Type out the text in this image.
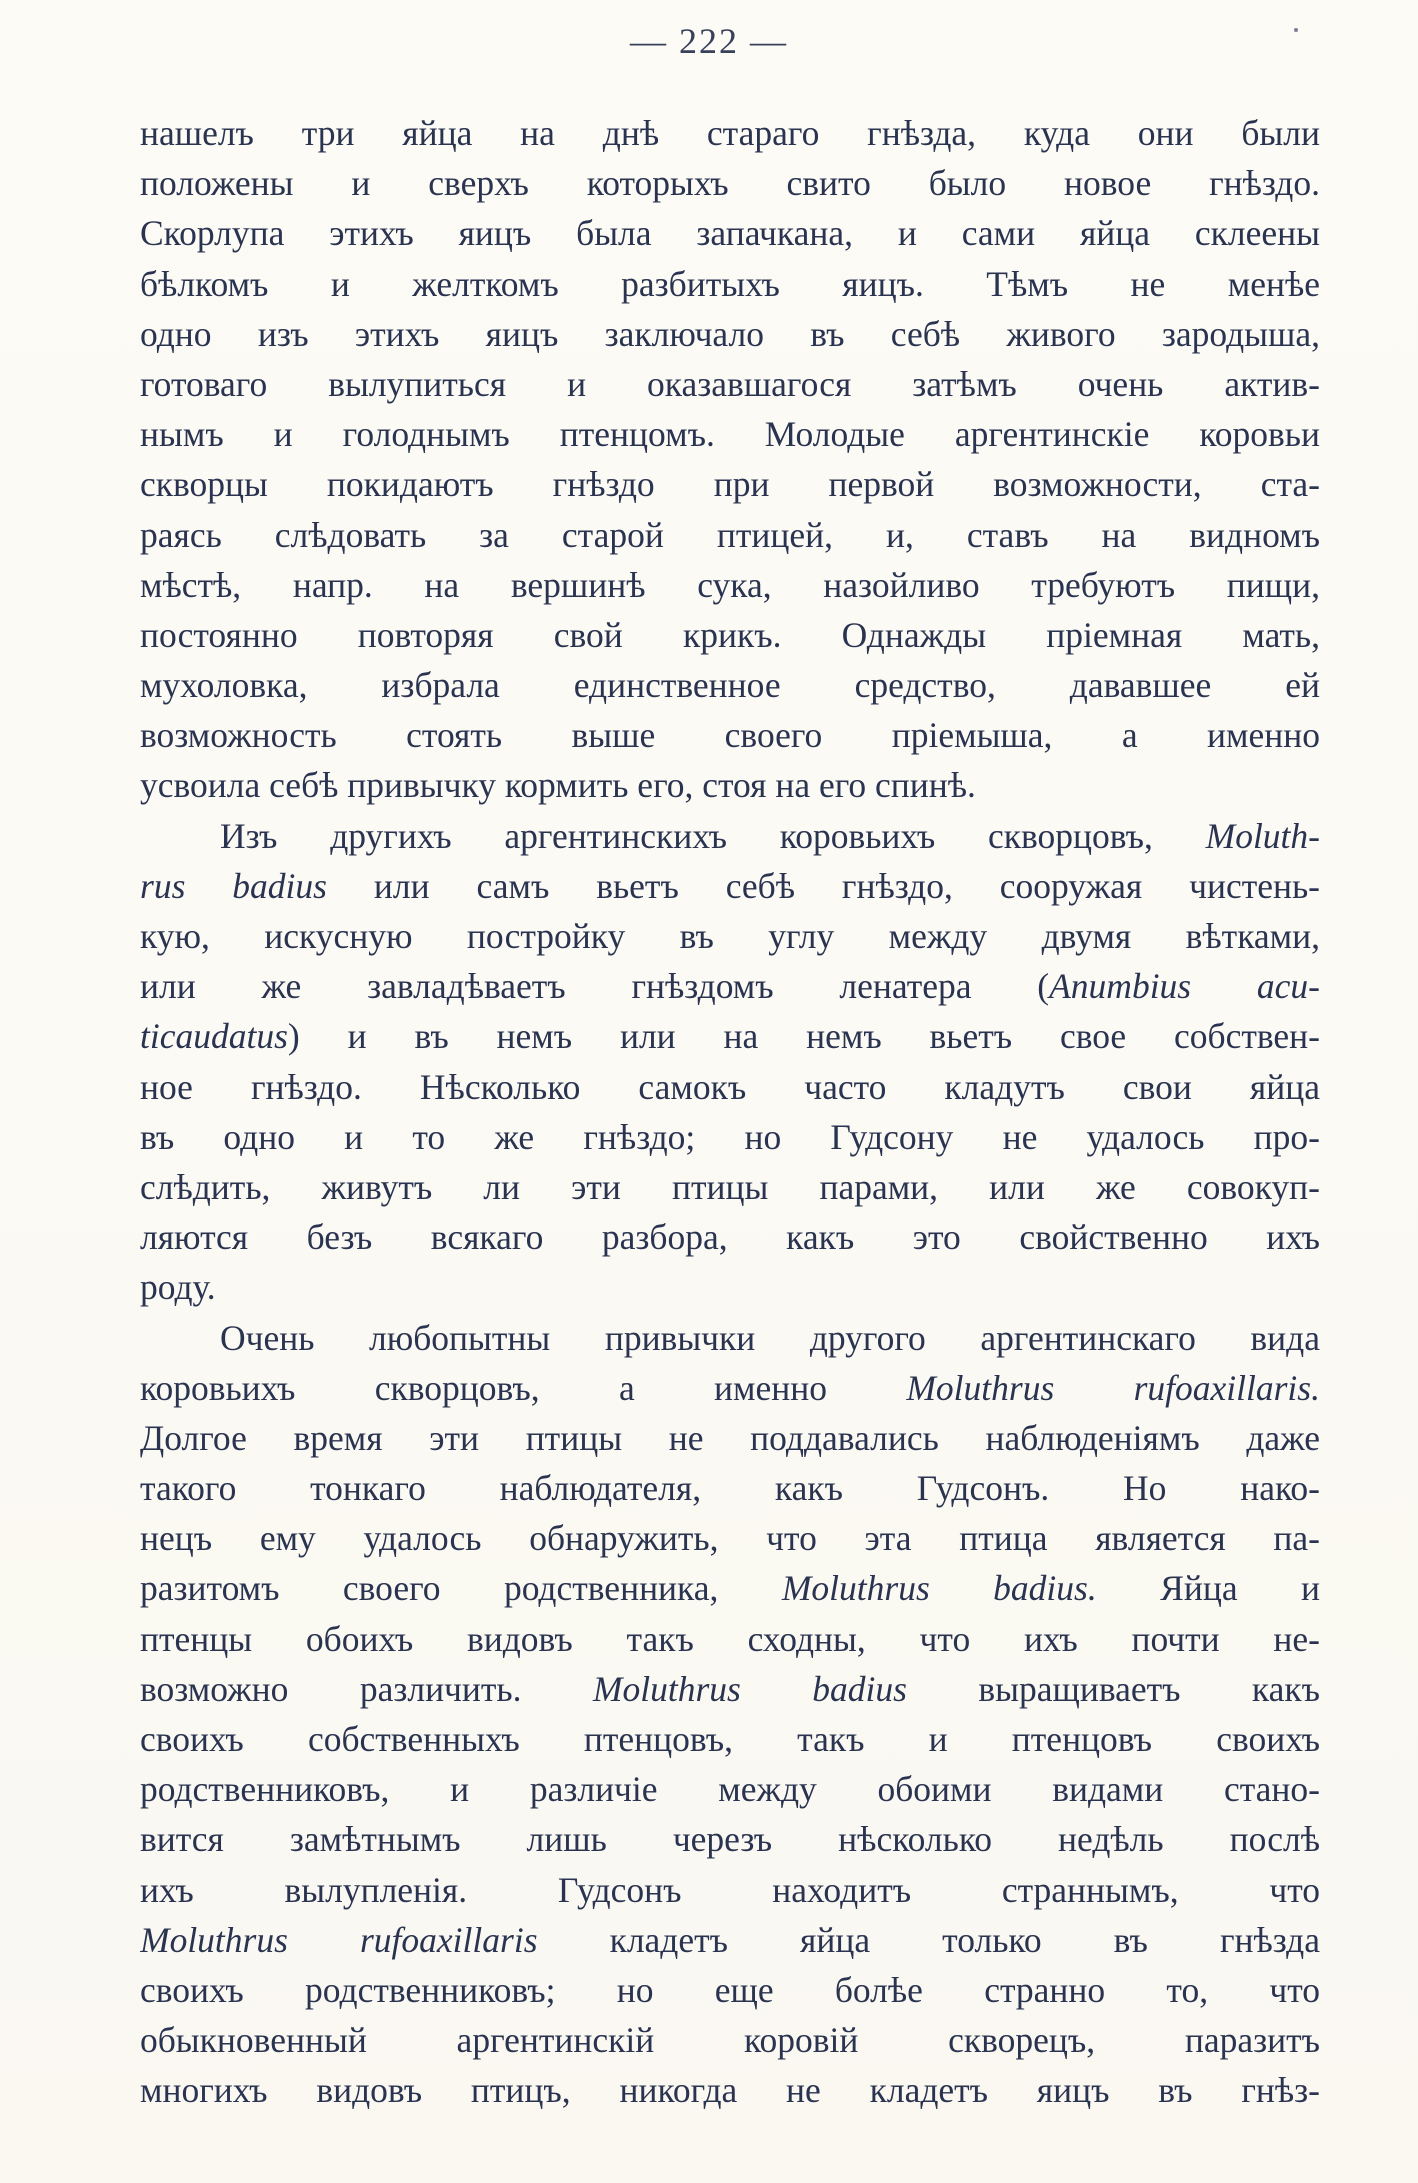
— 222 —
нашелъ три яйца на днѣ стараго гнѣзда, куда они были
положены и сверхъ которыхъ свито было новое гнѣздо.
Скорлупа этихъ яицъ была запачкана, и сами яйца склеены
бѣлкомъ и желткомъ разбитыхъ яицъ. Тѣмъ не менѣе
одно изъ этихъ яицъ заключало въ себѣ живого зародыша,
готоваго вылупиться и оказавшагося затѣмъ очень актив-
нымъ и голоднымъ птенцомъ. Молодые аргентинскіе коровьи
скворцы покидаютъ гнѣздо при первой возможности, ста-
раясь слѣдовать за старой птицей, и, ставъ на видномъ
мѣстѣ, напр. на вершинѣ сука, назойливо требуютъ пищи,
постоянно повторяя свой крикъ. Однажды пріемная мать,
мухоловка, избрала единственное средство, дававшее ей
возможность стоять выше своего пріемыша, а именно
усвоила себѣ привычку кормить его, стоя на его спинѣ.
Изъ другихъ аргентинскихъ коровьихъ скворцовъ, Moluth-
rus badius или самъ вьетъ себѣ гнѣздо, сооружая чистень-
кую, искусную постройку въ углу между двумя вѣтками,
или же завладѣваетъ гнѣздомъ ленатера (Anumbius acu-
ticaudatus) и въ немъ или на немъ вьетъ свое собствен-
ное гнѣздо. Нѣсколько самокъ часто кладутъ свои яйца
въ одно и то же гнѣздо; но Гудсону не удалось про-
слѣдить, живутъ ли эти птицы парами, или же совокуп-
ляются безъ всякаго разбора, какъ это свойственно ихъ
роду.
Очень любопытны привычки другого аргентинскаго вида
коровьихъ скворцовъ, а именно Moluthrus rufoaxillaris.
Долгое время эти птицы не поддавались наблюденіямъ даже
такого тонкаго наблюдателя, какъ Гудсонъ. Но нако-
нецъ ему удалось обнаружить, что эта птица является па-
разитомъ своего родственника, Moluthrus badius. Яйца и
птенцы обоихъ видовъ такъ сходны, что ихъ почти не-
возможно различить. Moluthrus badius выращиваетъ какъ
своихъ собственныхъ птенцовъ, такъ и птенцовъ своихъ
родственниковъ, и различіе между обоими видами стано-
вится замѣтнымъ лишь черезъ нѣсколько недѣль послѣ
ихъ вылупленія. Гудсонъ находитъ страннымъ, что
Moluthrus rufoaxillaris кладетъ яйца только въ гнѣзда
своихъ родственниковъ; но еще болѣе странно то, что
обыкновенный аргентинскій коровій скворецъ, паразитъ
многихъ видовъ птицъ, никогда не кладетъ яицъ въ гнѣз-
